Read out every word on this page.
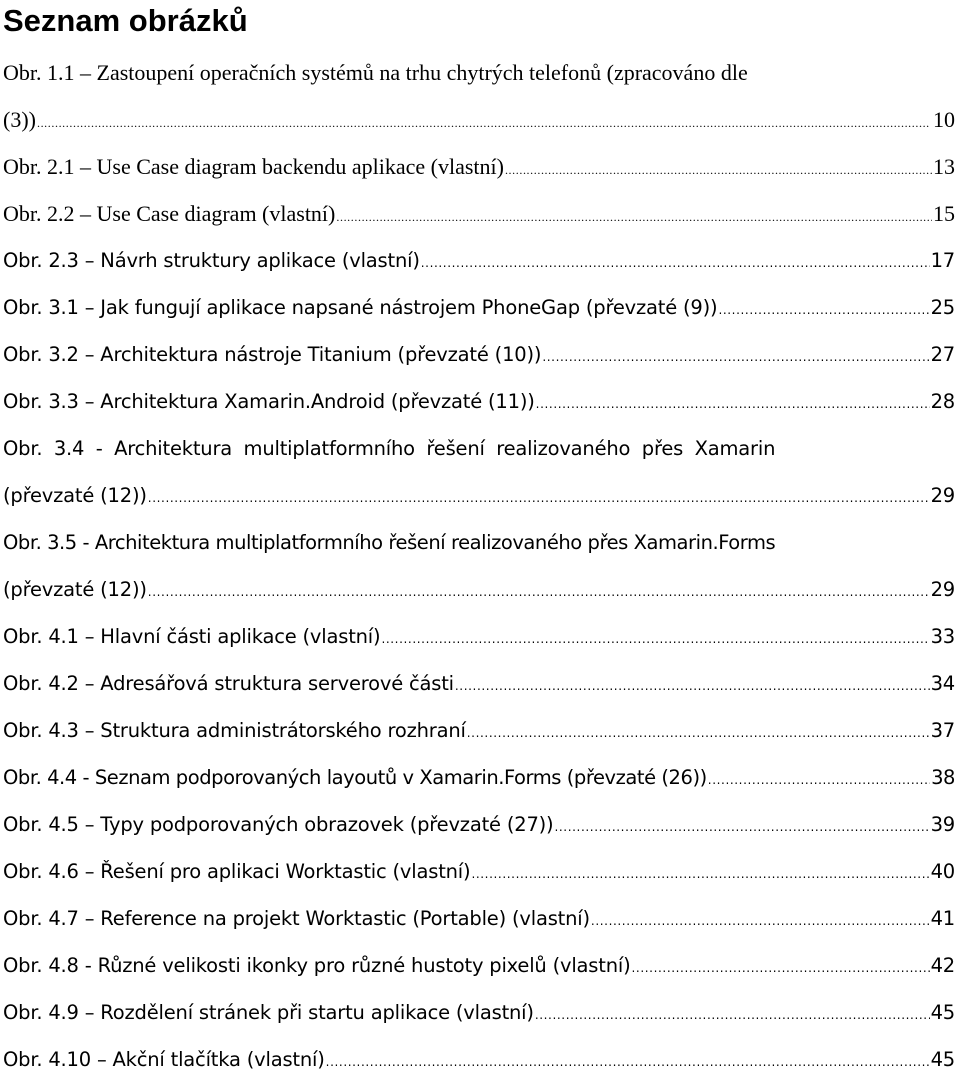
Seznam obrázků
Obr. 1.1 – Zastoupení operačních systémů na trhu chytrých telefonů (zpracováno dle
(3)) .....	10
Obr. 2.1 – Use Case diagram backendu aplikace (vlastní) .....	13
Obr. 2.2 – Use Case diagram (vlastní) .....	15
Obr. 2.3 – Návrh struktury aplikace (vlastní) .....	17
Obr. 3.1 – Jak fungují aplikace napsané nástrojem PhoneGap (převzaté (9)) .....	25
Obr. 3.2 – Architektura nástroje Titanium (převzaté (10)) .....	27
Obr. 3.3 – Architektura Xamarin.Android (převzaté (11)) .....	28
Obr. 3.4 - Architektura multiplatformního řešení realizovaného přes Xamarin
(převzaté (12)) .....	29
Obr. 3.5 - Architektura multiplatformního řešení realizovaného přes Xamarin.Forms
(převzaté (12)) .....	29
Obr. 4.1 – Hlavní části aplikace (vlastní) .....	33
Obr. 4.2 – Adresářová struktura serverové části .....	34
Obr. 4.3 – Struktura administrátorského rozhraní .....	37
Obr. 4.4 - Seznam podporovaných layoutů v Xamarin.Forms (převzaté (26)) .....	38
Obr. 4.5 – Typy podporovaných obrazovek (převzaté (27)) .....	39
Obr. 4.6 – Řešení pro aplikaci Worktastic (vlastní) .....	40
Obr. 4.7 – Reference na projekt Worktastic (Portable) (vlastní) .....	41
Obr. 4.8 - Různé velikosti ikonky pro různé hustoty pixelů (vlastní) .....	42
Obr. 4.9 – Rozdělení stránek při startu aplikace (vlastní) .....	45
Obr. 4.10 – Akční tlačítka (vlastní) .....	45
